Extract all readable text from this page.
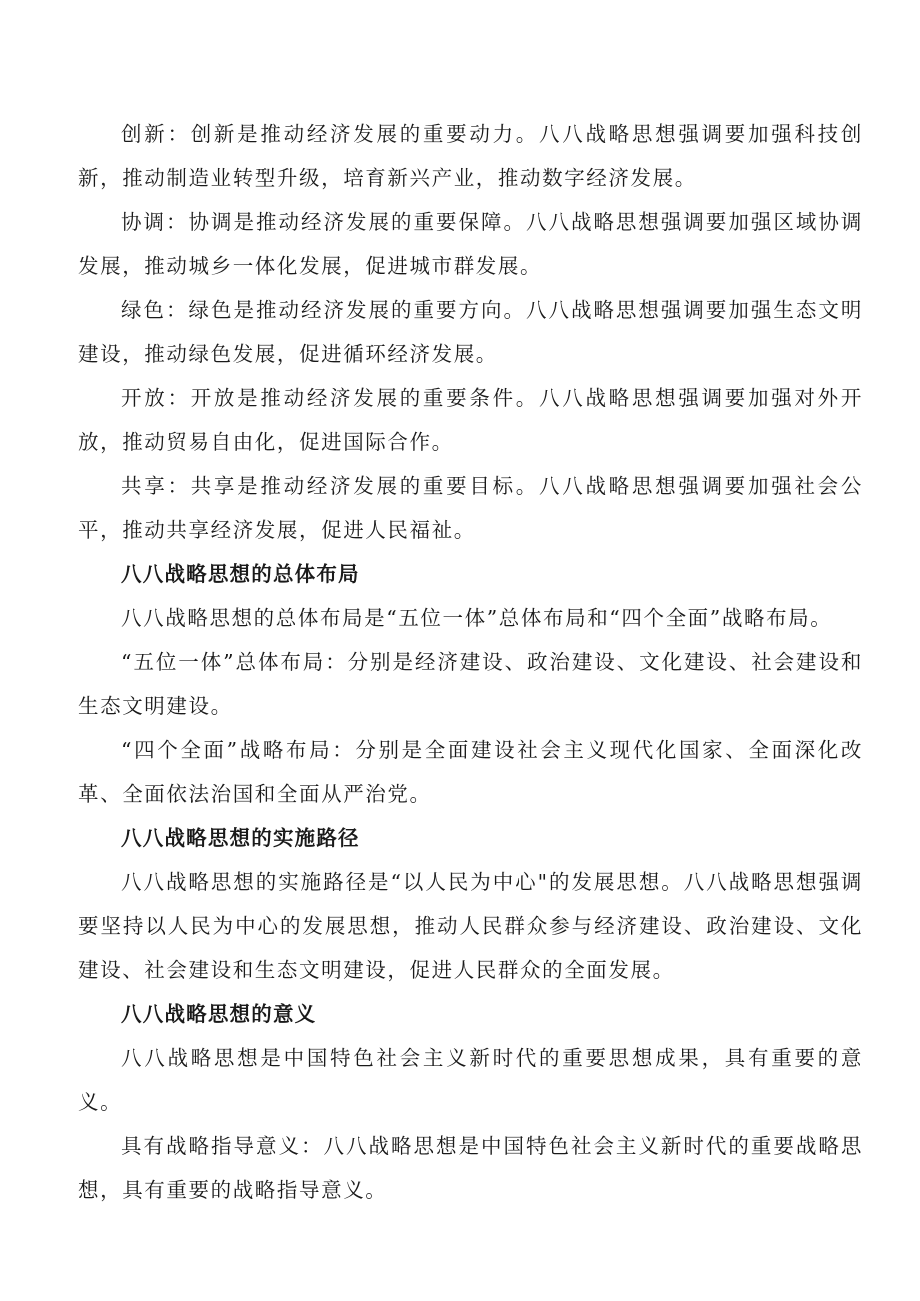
创新：创新是推动经济发展的重要动力。八八战略思想强调要加强科技创新，推动制造业转型升级，培育新兴产业，推动数字经济发展。

协调：协调是推动经济发展的重要保障。八八战略思想强调要加强区域协调发展，推动城乡一体化发展，促进城市群发展。

绿色：绿色是推动经济发展的重要方向。八八战略思想强调要加强生态文明建设，推动绿色发展，促进循环经济发展。

开放：开放是推动经济发展的重要条件。八八战略思想强调要加强对外开放，推动贸易自由化，促进国际合作。

共享：共享是推动经济发展的重要目标。八八战略思想强调要加强社会公平，推动共享经济发展，促进人民福祉。

八八战略思想的总体布局

八八战略思想的总体布局是“五位一体”总体布局和“四个全面”战略布局。

“五位一体”总体布局：分别是经济建设、政治建设、文化建设、社会建设和生态文明建设。

“四个全面”战略布局：分别是全面建设社会主义现代化国家、全面深化改革、全面依法治国和全面从严治党。

八八战略思想的实施路径

八八战略思想的实施路径是“以人民为中心"的发展思想。八八战略思想强调要坚持以人民为中心的发展思想，推动人民群众参与经济建设、政治建设、文化建设、社会建设和生态文明建设，促进人民群众的全面发展。

八八战略思想的意义

八八战略思想是中国特色社会主义新时代的重要思想成果，具有重要的意义。

具有战略指导意义：八八战略思想是中国特色社会主义新时代的重要战略思想，具有重要的战略指导意义。
